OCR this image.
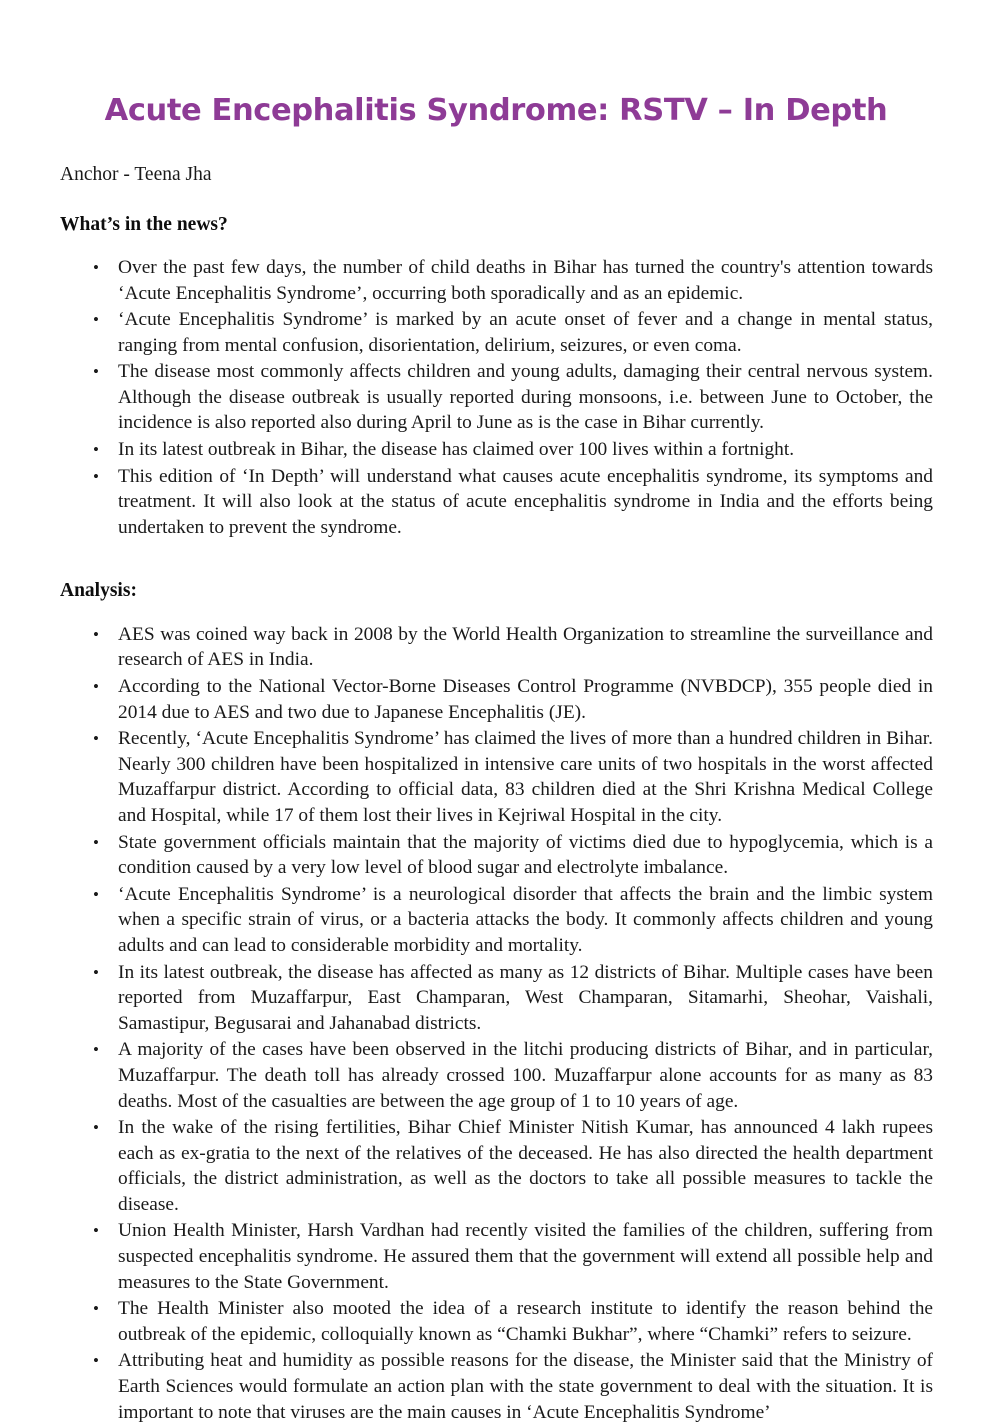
Acute Encephalitis Syndrome: RSTV – In Depth

Anchor - Teena Jha

What’s in the news?
• Over the past few days, the number of child deaths in Bihar has turned the country's attention towards ‘Acute Encephalitis Syndrome’, occurring both sporadically and as an epidemic.
• ‘Acute Encephalitis Syndrome’ is marked by an acute onset of fever and a change in mental status, ranging from mental confusion, disorientation, delirium, seizures, or even coma.
• The disease most commonly affects children and young adults, damaging their central nervous system. Although the disease outbreak is usually reported during monsoons, i.e. between June to October, the incidence is also reported also during April to June as is the case in Bihar currently.
• In its latest outbreak in Bihar, the disease has claimed over 100 lives within a fortnight.
• This edition of ‘In Depth’ will understand what causes acute encephalitis syndrome, its symptoms and treatment. It will also look at the status of acute encephalitis syndrome in India and the efforts being undertaken to prevent the syndrome.
Analysis:
• AES was coined way back in 2008 by the World Health Organization to streamline the surveillance and research of AES in India.
• According to the National Vector-Borne Diseases Control Programme (NVBDCP), 355 people died in 2014 due to AES and two due to Japanese Encephalitis (JE).
• Recently, ‘Acute Encephalitis Syndrome’ has claimed the lives of more than a hundred children in Bihar. Nearly 300 children have been hospitalized in intensive care units of two hospitals in the worst affected Muzaffarpur district. According to official data, 83 children died at the Shri Krishna Medical College and Hospital, while 17 of them lost their lives in Kejriwal Hospital in the city.
• State government officials maintain that the majority of victims died due to hypoglycemia, which is a condition caused by a very low level of blood sugar and electrolyte imbalance.
• ‘Acute Encephalitis Syndrome’ is a neurological disorder that affects the brain and the limbic system when a specific strain of virus, or a bacteria attacks the body. It commonly affects children and young adults and can lead to considerable morbidity and mortality.
• In its latest outbreak, the disease has affected as many as 12 districts of Bihar. Multiple cases have been reported from Muzaffarpur, East Champaran, West Champaran, Sitamarhi, Sheohar, Vaishali, Samastipur, Begusarai and Jahanabad districts.
• A majority of the cases have been observed in the litchi producing districts of Bihar, and in particular, Muzaffarpur. The death toll has already crossed 100. Muzaffarpur alone accounts for as many as 83 deaths. Most of the casualties are between the age group of 1 to 10 years of age.
• In the wake of the rising fertilities, Bihar Chief Minister Nitish Kumar, has announced 4 lakh rupees each as ex-gratia to the next of the relatives of the deceased. He has also directed the health department officials, the district administration, as well as the doctors to take all possible measures to tackle the disease.
• Union Health Minister, Harsh Vardhan had recently visited the families of the children, suffering from suspected encephalitis syndrome. He assured them that the government will extend all possible help and measures to the State Government.
• The Health Minister also mooted the idea of a research institute to identify the reason behind the outbreak of the epidemic, colloquially known as “Chamki Bukhar”, where “Chamki” refers to seizure.
• Attributing heat and humidity as possible reasons for the disease, the Minister said that the Ministry of Earth Sciences would formulate an action plan with the state government to deal with the situation. It is important to note that viruses are the main causes in ‘Acute Encephalitis Syndrome’
